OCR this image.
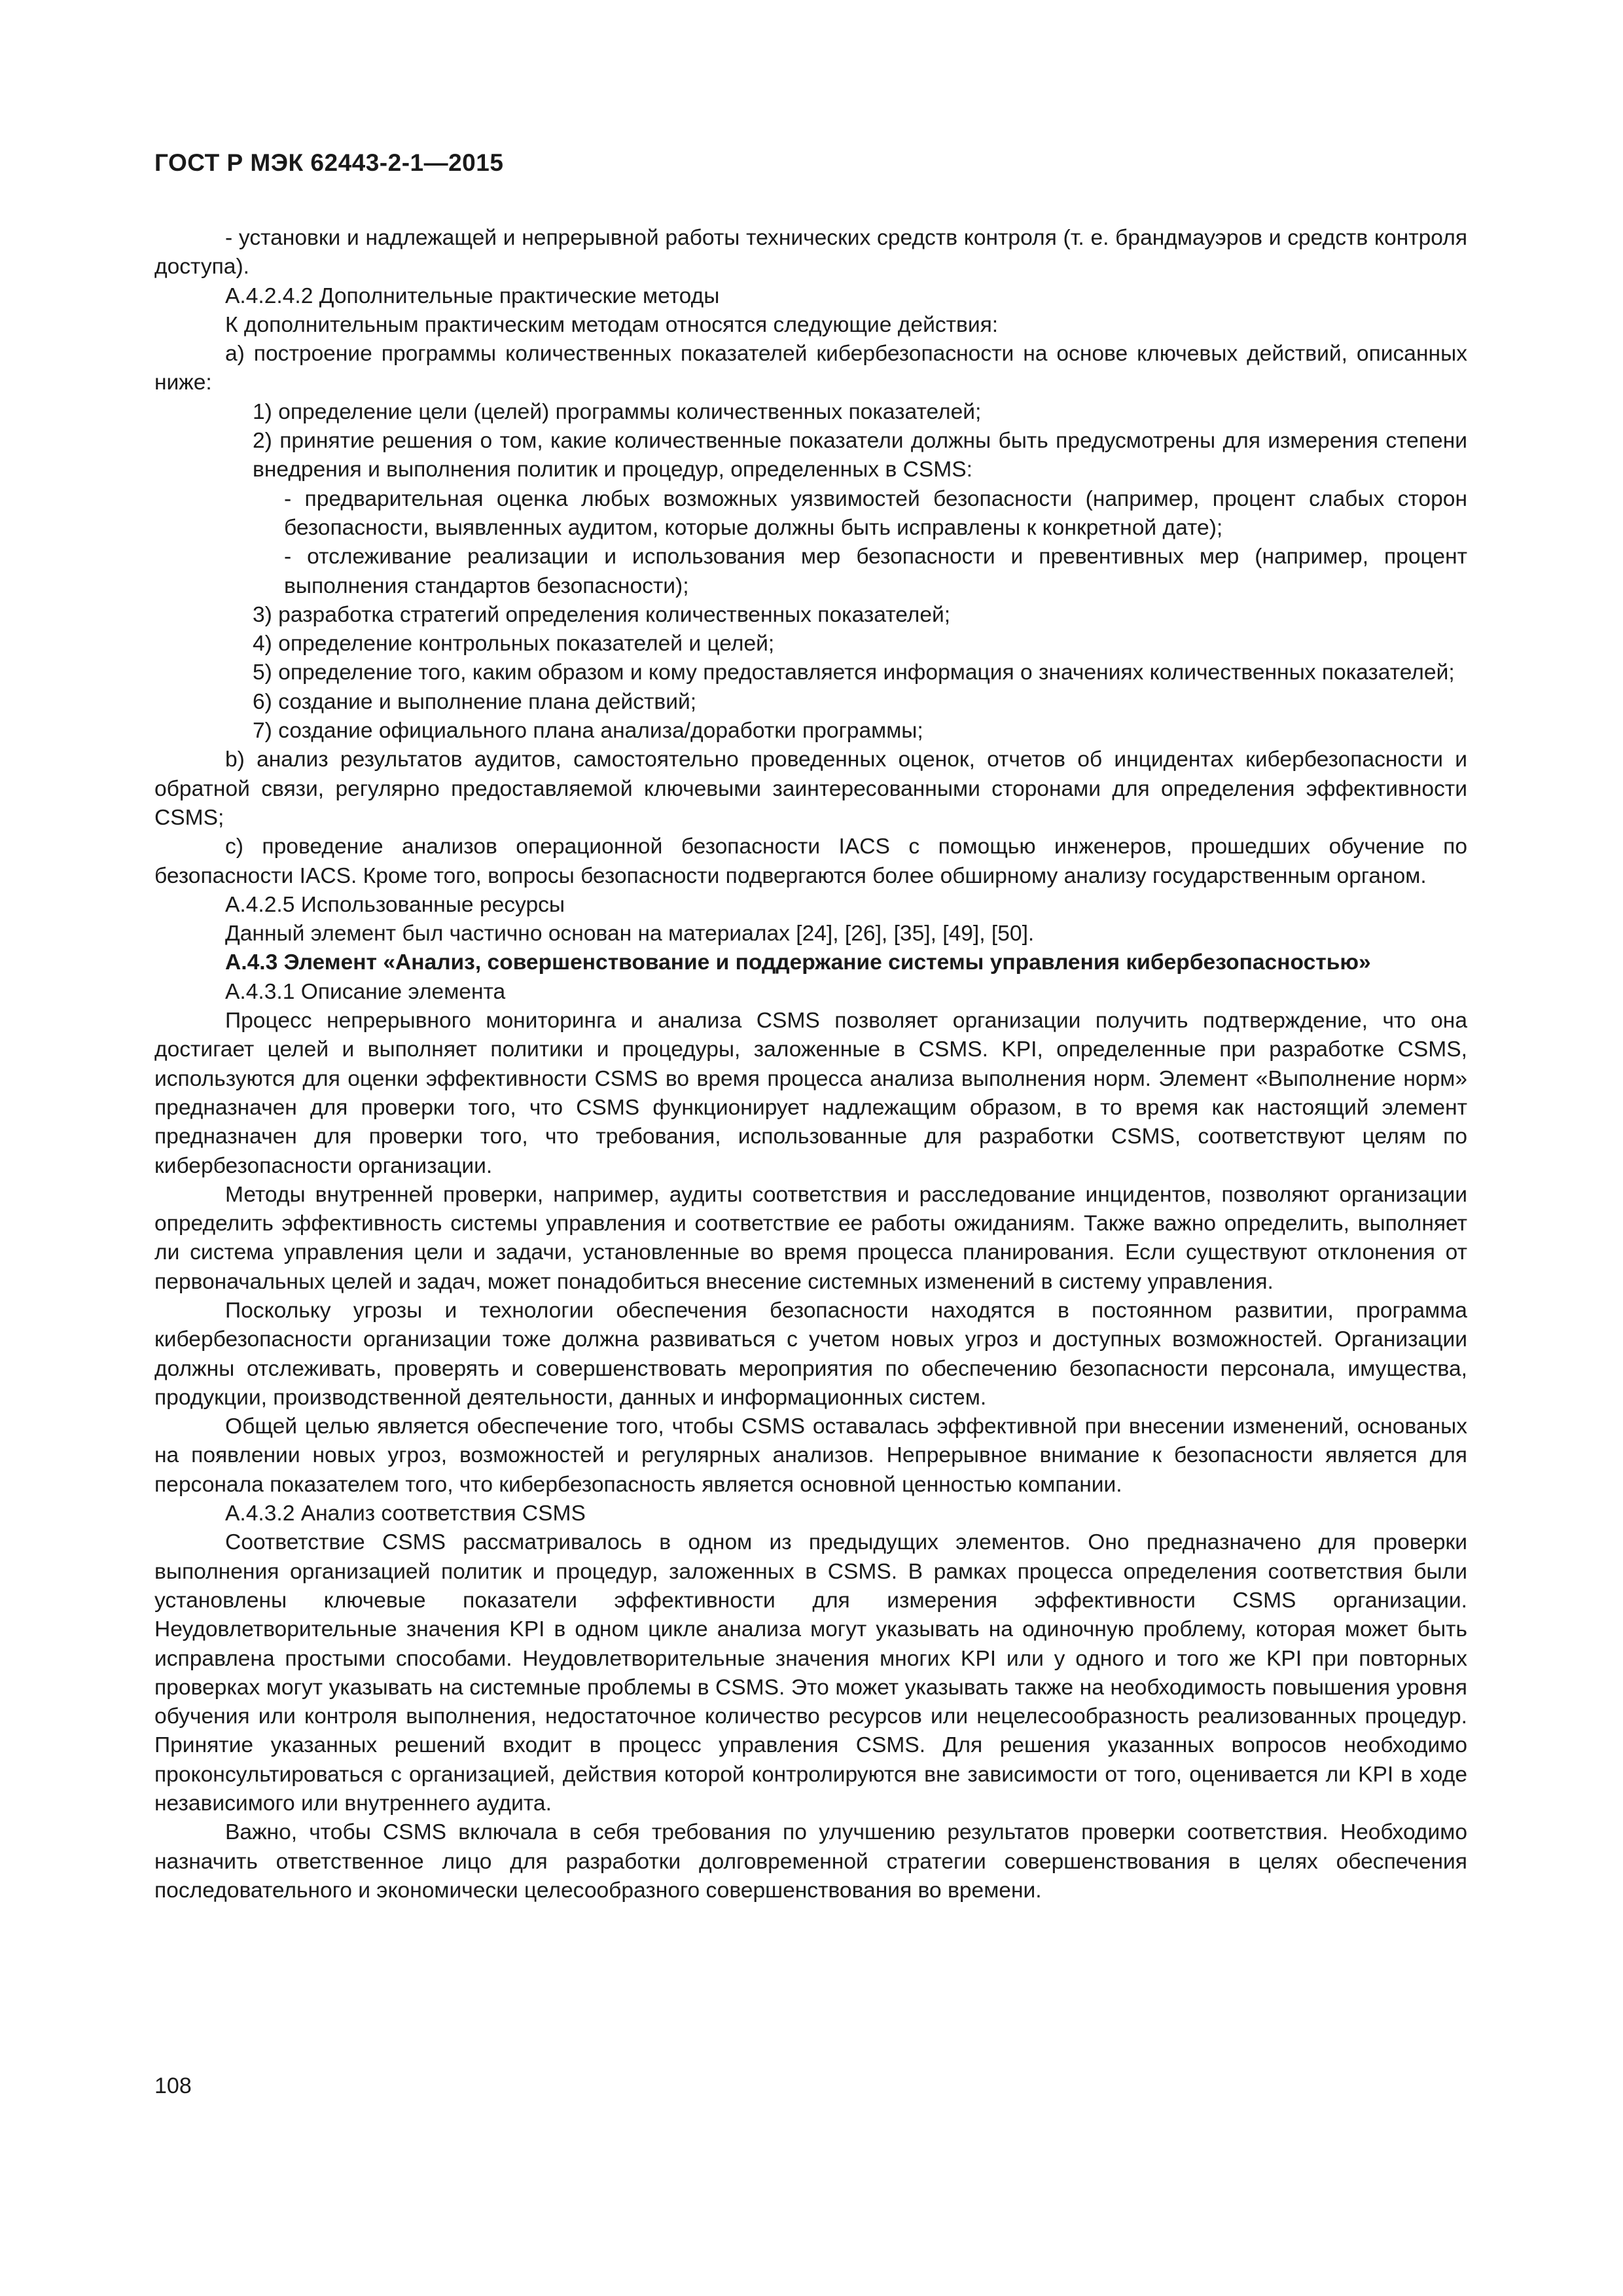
ГОСТ Р МЭК 62443-2-1—2015

- установки и надлежащей и непрерывной работы технических средств контроля (т. е. брандмауэров и средств контроля доступа).

А.4.2.4.2 Дополнительные практические методы

К дополнительным практическим методам относятся следующие действия:

а) построение программы количественных показателей кибербезопасности на основе ключевых действий, описанных ниже:

1) определение цели (целей) программы количественных показателей;

2) принятие решения о том, какие количественные показатели должны быть предусмотрены для измерения степени внедрения и выполнения политик и процедур, определенных в CSMS:

- предварительная оценка любых возможных уязвимостей безопасности (например, процент слабых сторон безопасности, выявленных аудитом, которые должны быть исправлены к конкретной дате);

- отслеживание реализации и использования мер безопасности и превентивных мер (например, процент выполнения стандартов безопасности);

3) разработка стратегий определения количественных показателей;

4) определение контрольных показателей и целей;

5) определение того, каким образом и кому предоставляется информация о значениях количественных показателей;

6) создание и выполнение плана действий;

7) создание официального плана анализа/доработки программы;

b) анализ результатов аудитов, самостоятельно проведенных оценок, отчетов об инцидентах кибербезопасности и обратной связи, регулярно предоставляемой ключевыми заинтересованными сторонами для определения эффективности CSMS;

с) проведение анализов операционной безопасности IACS с помощью инженеров, прошедших обучение по безопасности IACS. Кроме того, вопросы безопасности подвергаются более обширному анализу государственным органом.

А.4.2.5 Использованные ресурсы

Данный элемент был частично основан на материалах [24], [26], [35], [49], [50].

А.4.3 Элемент «Анализ, совершенствование и поддержание системы управления кибербезопасностью»

А.4.3.1 Описание элемента

Процесс непрерывного мониторинга и анализа CSMS позволяет организации получить подтверждение, что она достигает целей и выполняет политики и процедуры, заложенные в CSMS. KPI, определенные при разработке CSMS, используются для оценки эффективности CSMS во время процесса анализа выполнения норм. Элемент «Выполнение норм» предназначен для проверки того, что CSMS функционирует надлежащим образом, в то время как настоящий элемент предназначен для проверки того, что требования, использованные для разработки CSMS, соответствуют целям по кибербезопасности организации.

Методы внутренней проверки, например, аудиты соответствия и расследование инцидентов, позволяют организации определить эффективность системы управления и соответствие ее работы ожиданиям. Также важно определить, выполняет ли система управления цели и задачи, установленные во время процесса планирования. Если существуют отклонения от первоначальных целей и задач, может понадобиться внесение системных изменений в систему управления.

Поскольку угрозы и технологии обеспечения безопасности находятся в постоянном развитии, программа кибербезопасности организации тоже должна развиваться с учетом новых угроз и доступных возможностей. Организации должны отслеживать, проверять и совершенствовать мероприятия по обеспечению безопасности персонала, имущества, продукции, производственной деятельности, данных и информационных систем.

Общей целью является обеспечение того, чтобы CSMS оставалась эффективной при внесении изменений, основаных на появлении новых угроз, возможностей и регулярных анализов. Непрерывное внимание к безопасности является для персонала показателем того, что кибербезопасность является основной ценностью компании.

А.4.3.2 Анализ соответствия CSMS

Соответствие CSMS рассматривалось в одном из предыдущих элементов. Оно предназначено для проверки выполнения организацией политик и процедур, заложенных в CSMS. В рамках процесса определения соответствия были установлены ключевые показатели эффективности для измерения эффективности CSMS организации. Неудовлетворительные значения KPI в одном цикле анализа могут указывать на одиночную проблему, которая может быть исправлена простыми способами. Неудовлетворительные значения многих KPI или у одного и того же KPI при повторных проверках могут указывать на системные проблемы в CSMS. Это может указывать также на необходимость повышения уровня обучения или контроля выполнения, недостаточное количество ресурсов или нецелесообразность реализованных процедур. Принятие указанных решений входит в процесс управления CSMS. Для решения указанных вопросов необходимо проконсультироваться с организацией, действия которой контролируются вне зависимости от того, оценивается ли KPI в ходе независимого или внутреннего аудита.

Важно, чтобы CSMS включала в себя требования по улучшению результатов проверки соответствия. Необходимо назначить ответственное лицо для разработки долговременной стратегии совершенствования в целях обеспечения последовательного и экономически целесообразного совершенствования во времени.

108
